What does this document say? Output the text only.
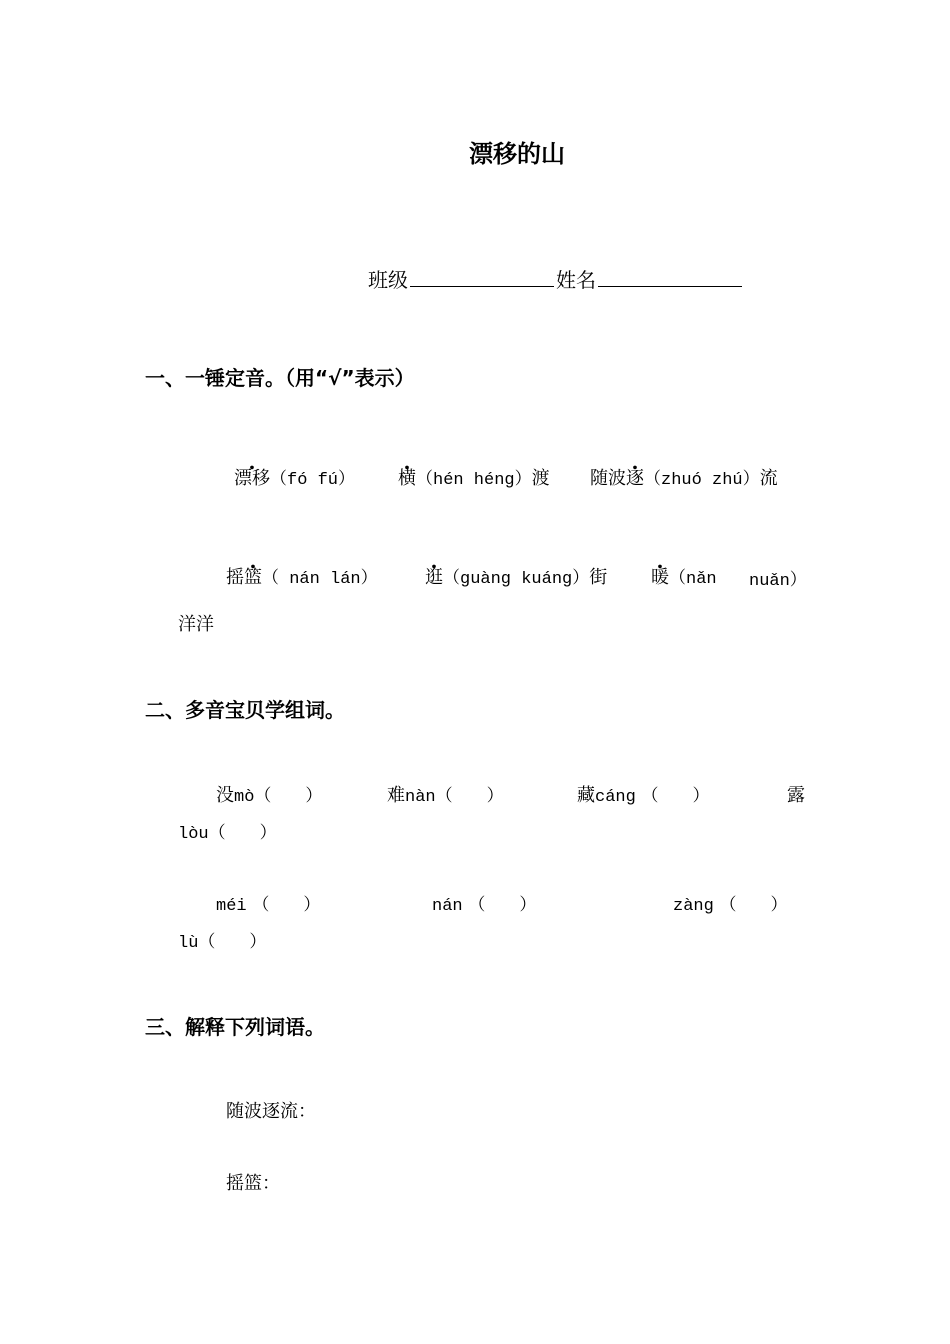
漂移的山
班级	姓名
一、一锤定音。（用“√”表示）
漂移（fó fú） 横（hén héng）渡 随波逐（zhuó zhú）流
摇篮（ nán lán）	逛（guàng kuáng）街 暖（nǎn nuǎn）
洋洋
二、多音宝贝学组词。
没mò（　　）	难nàn（　　）	藏cáng （　　）	露
lòu（　　）
méi （　　）	nán （　　）	zàng （　　）
lù（　　）
三、解释下列词语。
随波逐流：
摇篮：
